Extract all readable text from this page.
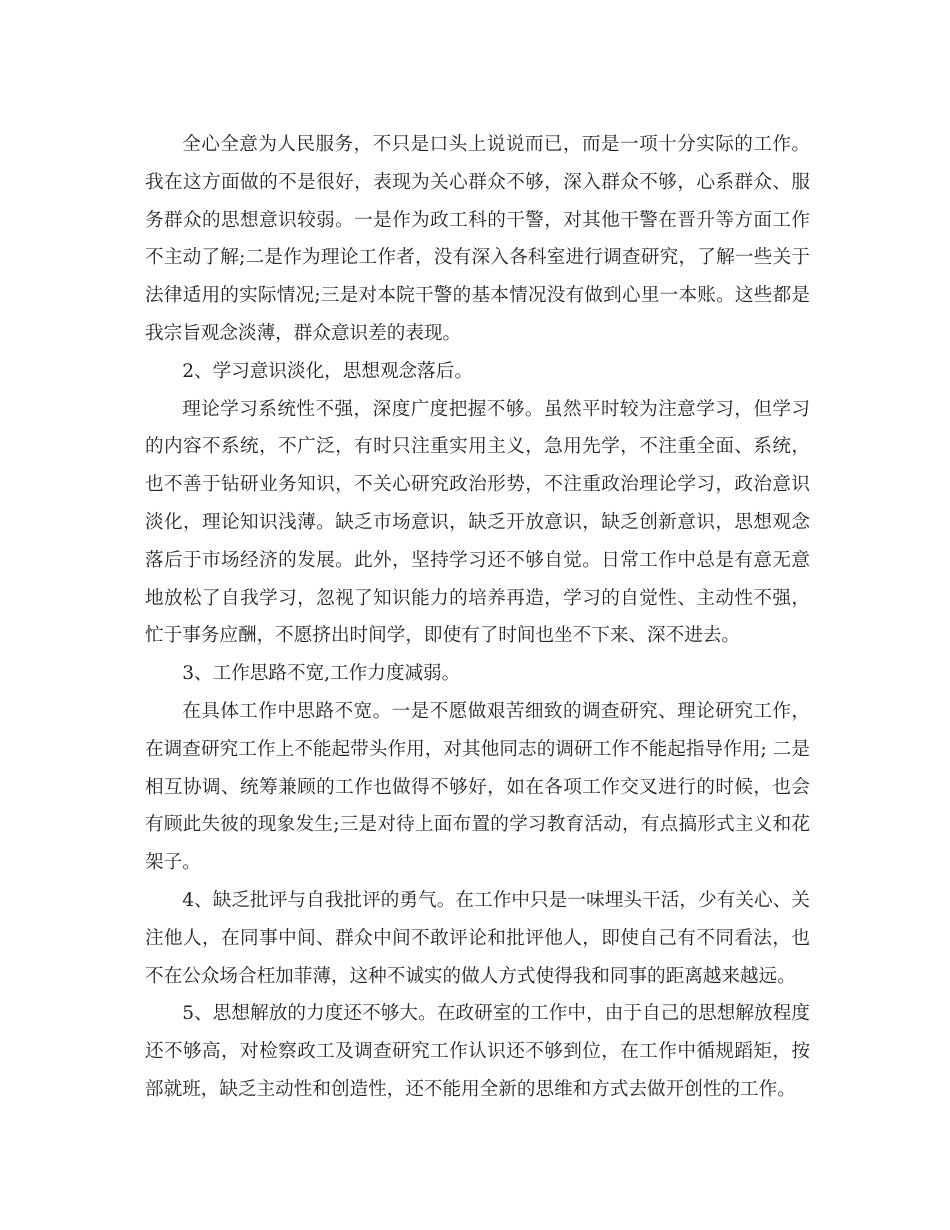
全心全意为人民服务，不只是口头上说说而已，而是一项十分实际的工作。我在这方面做的不是很好，表现为关心群众不够，深入群众不够，心系群众、服务群众的思想意识较弱。一是作为政工科的干警，对其他干警在晋升等方面工作不主动了解;二是作为理论工作者，没有深入各科室进行调查研究，了解一些关于法律适用的实际情况;三是对本院干警的基本情况没有做到心里一本账。这些都是我宗旨观念淡薄，群众意识差的表现。

2、学习意识淡化，思想观念落后。

理论学习系统性不强，深度广度把握不够。虽然平时较为注意学习，但学习的内容不系统，不广泛，有时只注重实用主义，急用先学，不注重全面、系统，也不善于钻研业务知识，不关心研究政治形势，不注重政治理论学习，政治意识淡化，理论知识浅薄。缺乏市场意识，缺乏开放意识，缺乏创新意识，思想观念落后于市场经济的发展。此外，坚持学习还不够自觉。日常工作中总是有意无意地放松了自我学习，忽视了知识能力的培养再造，学习的自觉性、主动性不强，忙于事务应酬，不愿挤出时间学，即使有了时间也坐不下来、深不进去。

3、工作思路不宽,工作力度减弱。

在具体工作中思路不宽。一是不愿做艰苦细致的调查研究、理论研究工作，在调查研究工作上不能起带头作用，对其他同志的调研工作不能起指导作用; 二是相互协调、统筹兼顾的工作也做得不够好，如在各项工作交叉进行的时候，也会有顾此失彼的现象发生;三是对待上面布置的学习教育活动，有点搞形式主义和花架子。

4、缺乏批评与自我批评的勇气。在工作中只是一味埋头干活，少有关心、关注他人，在同事中间、群众中间不敢评论和批评他人，即使自己有不同看法，也不在公众场合枉加菲薄，这种不诚实的做人方式使得我和同事的距离越来越远。

5、思想解放的力度还不够大。在政研室的工作中，由于自己的思想解放程度还不够高，对检察政工及调查研究工作认识还不够到位，在工作中循规蹈矩，按部就班，缺乏主动性和创造性，还不能用全新的思维和方式去做开创性的工作。
